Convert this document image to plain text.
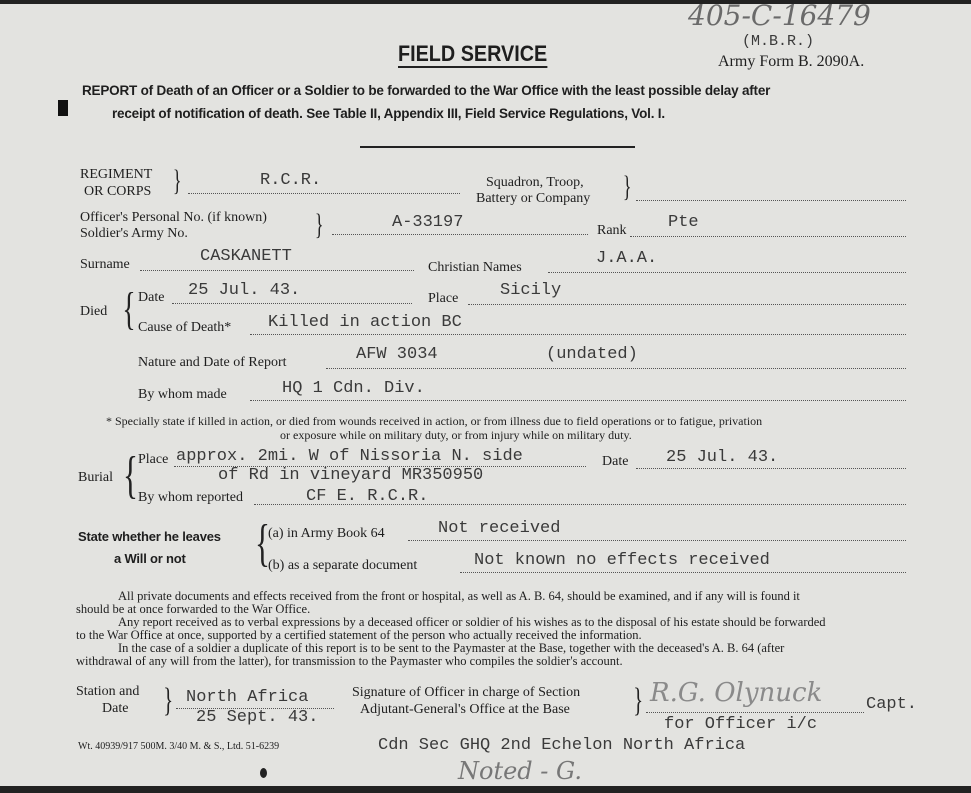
405-C-16479
(M.B.R.)
FIELD SERVICE	Army Form B. 2090A.
REPORT of Death of an Officer or a Soldier to be forwarded to the War Office with the least possible delay after
receipt of notification of death. See Table II, Appendix III, Field Service Regulations, Vol. I.
REGIMENT
OR CORPS }	R.C.R.	Squadron, Troop,
Battery or Company }
Officer's Personal No. (if known)
Soldier's Army No.	}	A-33197	Rank Pte
Surname	CASKANETT
Christian Names	J.A.A.
Died { Date 25 Jul. 43.	Place Sicily
Cause of Death* Killed in action BC
Nature and Date of Report	AFW 3034	(undated)
By whom made	HQ 1 Cdn. Div.
* Specially state if killed in action, or died from wounds received in action, or from illness due to field operations or to fatigue, privation
or exposure while on military duty, or from injury while on military duty.
Burial { Place approx. 2mi. W of Nissoria N. side
of Rd in vineyard MR350950
Date 25 Jul. 43.
By whom reported	CF E. R.C.R.
State whether he leaves
a Will or not {
(a) in Army Book 64	Not received
(b) as a separate document	Not known no effects received
All private documents and effects received from the front or hospital, as well as A. B. 64, should be examined, and if any will is found it
should be at once forwarded to the War Office.
Any report received as to verbal expressions by a deceased officer or soldier of his wishes as to the disposal of his estate should be forwarded
to the War Office at once, supported by a certified statement of the person who actually received the information.
In the case of a soldier a duplicate of this report is to be sent to the Paymaster at the Base, together with the deceased's A. B. 64 (after
withdrawal of any will from the latter), for transmission to the Paymaster who compiles the soldier's account.
Station and
Date } North Africa
25 Sept. 43.
Signature of Officer in charge of Section
Adjutant-General's Office at the Base } R.G. Olynuck	Capt.
for Officer i/c
Wt. 40939/917 500M. 3/40 M. & S., Ltd. 51-6239	Cdn Sec GHQ 2nd Echelon North Africa
Noted - G.
